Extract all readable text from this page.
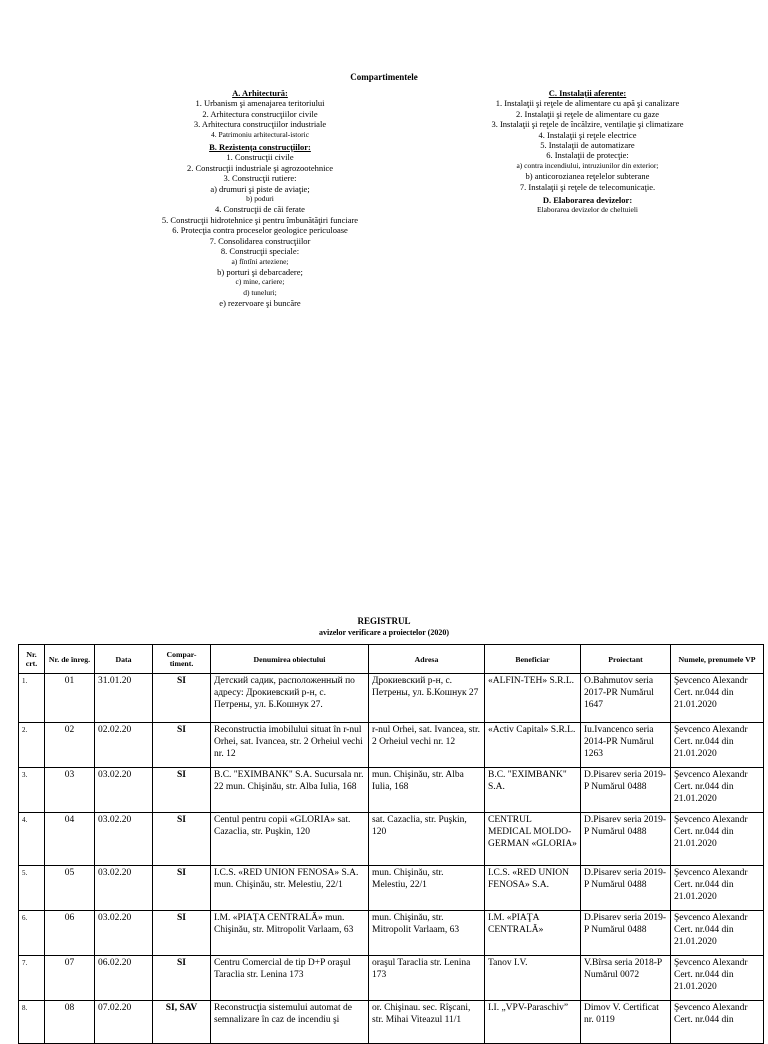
Compartimentele
A. Arhitectură:
1. Urbanism şi amenajarea teritoriului
2. Arhitectura construcţiilor civile
3. Arhitectura construcţiilor industriale
4. Patrimoniu arhitectural-istoric
B. Rezistenţa construcţiilor:
1. Construcţii civile
2. Construcţii industriale şi agrozootehnice
3. Construcţii rutiere:
a) drumuri şi piste de aviaţie;
b) poduri
4. Construcţii de căi ferate
5. Construcţii hidrotehnice şi pentru îmbunătăţiri funciare
6. Protecţia contra proceselor geologice periculoase
7. Consolidarea construcţiilor
8. Construcţii speciale:
a) fîntîni arteziene;
b) porturi şi debarcadere;
c) mine, cariere;
d) tuneluri;
e) rezervoare şi buncăre
C. Instalaţii aferente:
1. Instalaţii şi reţele de alimentare cu apă şi canalizare
2. Instalaţii şi reţele de alimentare cu gaze
3. Instalaţii şi reţele de încălzire, ventilaţie şi climatizare
4. Instalaţii şi reţele electrice
5. Instalaţii de automatizare
6. Instalaţii de protecţie:
a) contra incendiului, intruziunilor din exterior;
b) anticorozianea reţelelor subterane
7. Instalaţii şi reţele de telecomunicaţie.
D. Elaborarea devizelor:
Elaborarea devizelor de cheltuieli
REGISTRUL
avizelor verificare a proiectelor (2020)
Nr. crt.	Nr. de înreg.	Data	Compar-timent.	Denumirea obiectului	Adresa	Beneficiar	Proiectant	Numele, prenumele VP
1.	01	31.01.20	SI	Детский садик, расположенный по адресу: Дрокиевский р-н, с. Петрены, ул. Б.Кошнук 27.	Дрокиевский р-н, с. Петрены, ул. Б.Кошнук 27	«ALFIN-TEH» S.R.L.	O.Bahmutov seria 2017-PR Numărul 1647	Şevcenco Alexandr Cert. nr.044 din 21.01.2020
2.	02	02.02.20	SI	Reconstructia imobilului situat în r-nul Orhei, sat. Ivancea, str. 2 Orheiul vechi nr. 12	r-nul Orhei, sat. Ivancea, str. 2 Orheiul vechi nr. 12	«Activ Capital» S.R.L.	Iu.Ivancenco seria 2014-PR Numărul 1263	Şevcenco Alexandr Cert. nr.044 din 21.01.2020
3.	03	03.02.20	SI	B.C. "EXIMBANK" S.A. Sucursala nr. 22 mun. Chişinău, str. Alba Iulia, 168	mun. Chişinău, str. Alba Iulia, 168	B.C. "EXIMBANK" S.A.	D.Pisarev seria 2019-P Numărul 0488	Şevcenco Alexandr Cert. nr.044 din 21.01.2020
4.	04	03.02.20	SI	Centul pentru copii «GLORIA» sat. Cazaclia, str. Puşkin, 120	sat. Cazaclia, str. Puşkin, 120	CENTRUL MEDICAL MOLDO-GERMAN «GLORIA»	D.Pisarev seria 2019-P Numărul 0488	Şevcenco Alexandr Cert. nr.044 din 21.01.2020
5.	05	03.02.20	SI	I.C.S. «RED UNION FENOSA» S.A. mun. Chişinău, str. Melestiu, 22/1	mun. Chişinău, str. Melestiu, 22/1	I.C.S. «RED UNION FENOSA» S.A.	D.Pisarev seria 2019-P Numărul 0488	Şevcenco Alexandr Cert. nr.044 din 21.01.2020
6.	06	03.02.20	SI	I.M. «PIAŢA CENTRALĂ» mun. Chişinău, str. Mitropolit Varlaam, 63	mun. Chişinău, str. Mitropolit Varlaam, 63	I.M. «PIAŢA CENTRALĂ»	D.Pisarev seria 2019-P Numărul 0488	Şevcenco Alexandr Cert. nr.044 din 21.01.2020
7.	07	06.02.20	SI	Centru Comercial de tip D+P oraşul Taraclia str. Lenina 173	oraşul Taraclia str. Lenina 173	Tanov I.V.	V.Bîrsa seria 2018-P Numărul 0072	Şevcenco Alexandr Cert. nr.044 din 21.01.2020
8.	08	07.02.20	SI, SAV	Reconstrucţia sistemului automat de semnalizare în caz de incendiu şi	or. Chişinau. sec. Rîşcani, str. Mihai Viteazul 11/1	I.I. „VPV-Paraschiv”	Dimov V. Certificat nr. 0119	Şevcenco Alexandr Cert. nr.044 din
